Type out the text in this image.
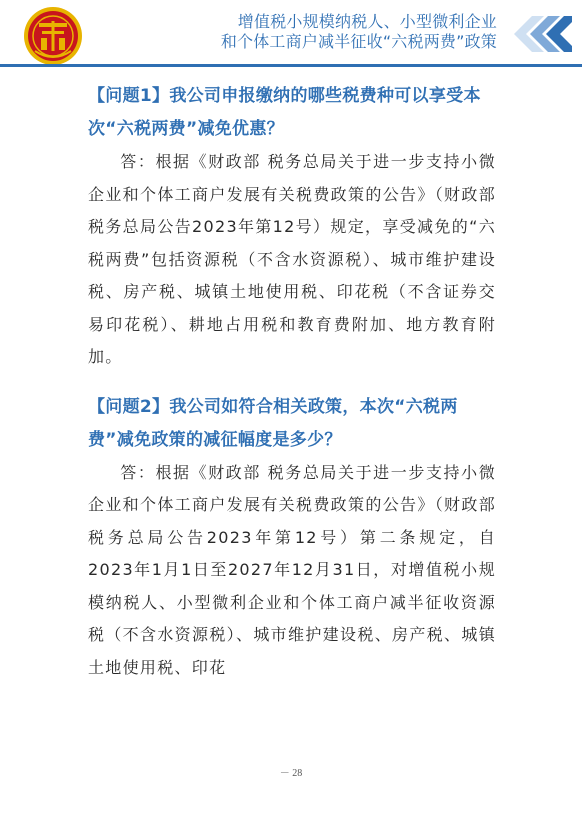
增值税小规模纳税人、小型微利企业
和个体工商户减半征收“六税两费”政策
【问题1】我公司申报缴纳的哪些税费种可以享受本次“六税两费”减免优惠？
答：根据《财政部 税务总局关于进一步支持小微企业和个体工商户发展有关税费政策的公告》（财政部 税务总局公告2023年第12号）规定，享受减免的“六税两费”包括资源税（不含水资源税）、城市维护建设税、房产税、城镇土地使用税、印花税（不含证券交易印花税）、耕地占用税和教育费附加、地方教育附加。
【问题2】我公司如符合相关政策，本次“六税两费”减免政策的减征幅度是多少？
答：根据《财政部 税务总局关于进一步支持小微企业和个体工商户发展有关税费政策的公告》（财政部 税务总局公告2023年第12号）第二条规定，自2023年1月1日至2027年12月31日，对增值税小规模纳税人、小型微利企业和个体工商户减半征收资源税（不含水资源税）、城市维护建设税、房产税、城镇土地使用税、印花
－ 28
